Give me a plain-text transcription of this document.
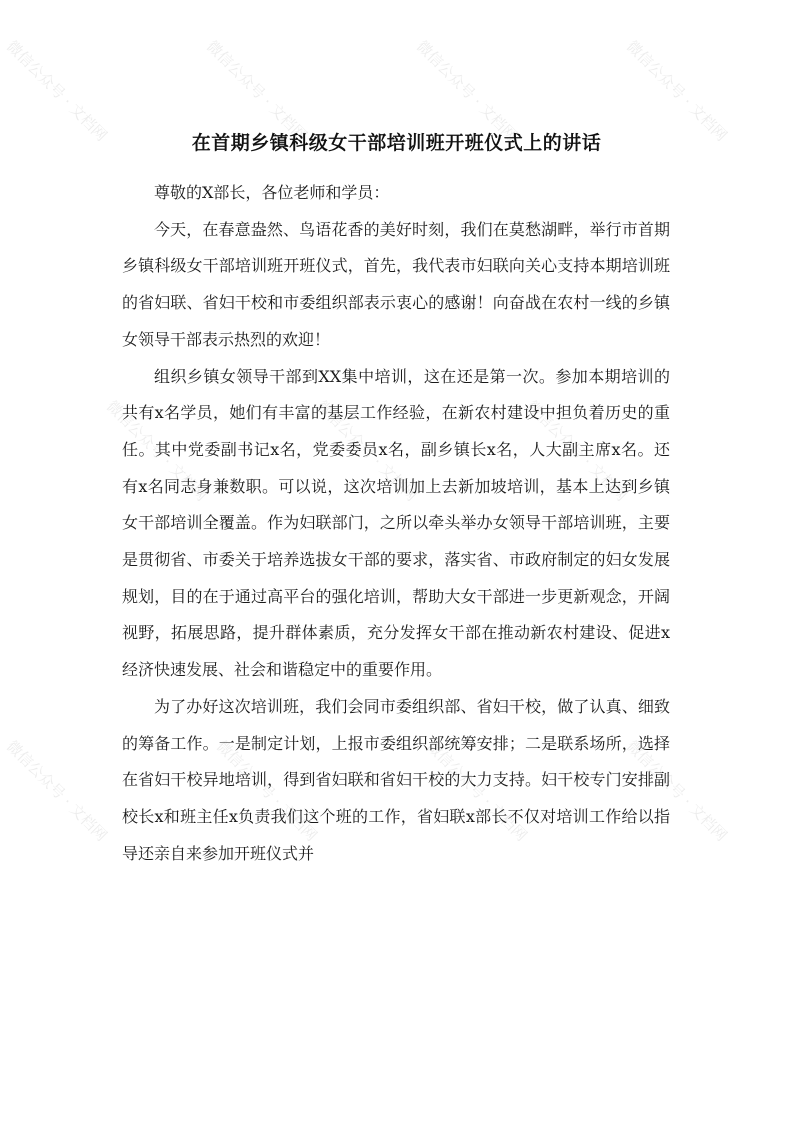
微信公众号 · 文档网	微信公众号 · 文档网	微信公众号 · 文档网	微信公众号 · 文档网
微信公众号 · 文档网	微信公众号 · 文档网	微信公众号 · 文档网
微信公众号 · 文档网	微信公众号 · 文档网	微信公众号 · 文档网	微信公众号 · 文档网
在首期乡镇科级女干部培训班开班仪式上的讲话

尊敬的X部长，各位老师和学员：

今天，在春意盎然、鸟语花香的美好时刻，我们在莫愁湖畔，举行市首期乡镇科级女干部培训班开班仪式，首先，我代表市妇联向关心支持本期培训班的省妇联、省妇干校和市委组织部表示衷心的感谢！向奋战在农村一线的乡镇女领导干部表示热烈的欢迎！

组织乡镇女领导干部到XX集中培训，这在还是第一次。参加本期培训的共有x名学员，她们有丰富的基层工作经验，在新农村建设中担负着历史的重任。其中党委副书记x名，党委委员x名，副乡镇长x名，人大副主席x名。还有x名同志身兼数职。可以说，这次培训加上去新加坡培训，基本上达到乡镇女干部培训全覆盖。作为妇联部门，之所以牵头举办女领导干部培训班，主要是贯彻省、市委关于培养选拔女干部的要求，落实省、市政府制定的妇女发展规划，目的在于通过高平台的强化培训，帮助大女干部进一步更新观念，开阔视野，拓展思路，提升群体素质，充分发挥女干部在推动新农村建设、促进x经济快速发展、社会和谐稳定中的重要作用。

为了办好这次培训班，我们会同市委组织部、省妇干校，做了认真、细致的筹备工作。一是制定计划，上报市委组织部统筹安排；二是联系场所，选择在省妇干校异地培训，得到省妇联和省妇干校的大力支持。妇干校专门安排副校长x和班主任x负责我们这个班的工作，省妇联x部长不仅对培训工作给以指导还亲自来参加开班仪式并
